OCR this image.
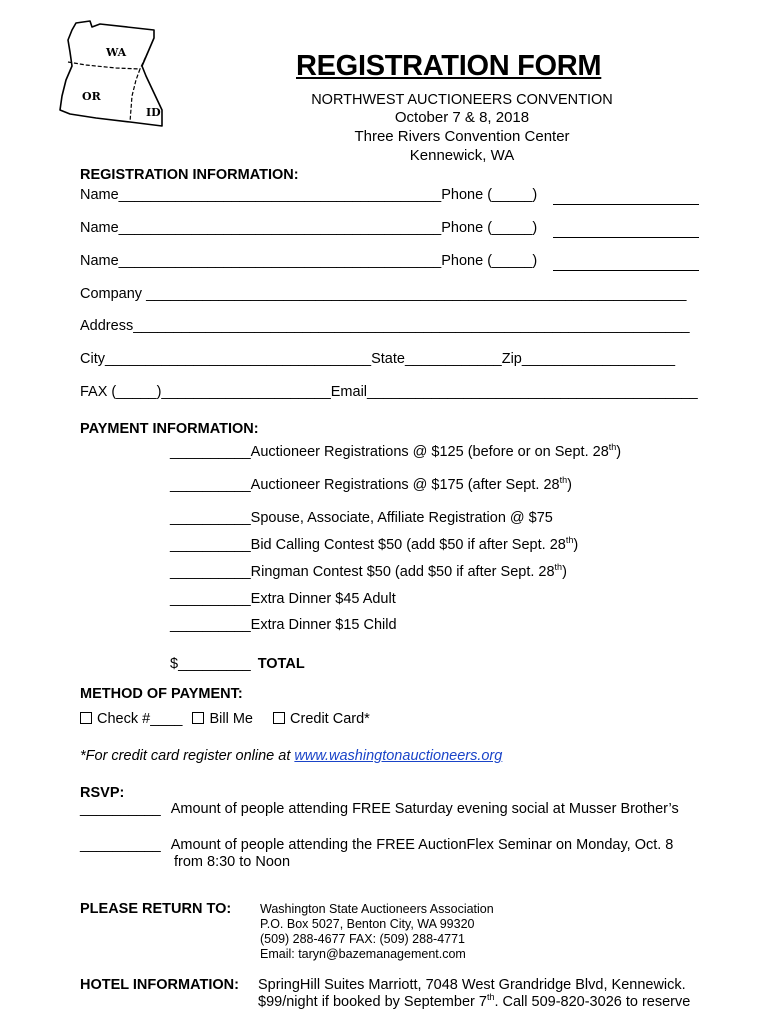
WA
OR
ID
REGISTRATION FORM
NORTHWEST AUCTIONEERS CONVENTION
October 7 & 8, 2018
Three Rivers Convention Center
Kennewick, WA
REGISTRATION INFORMATION:
Name________________________________________Phone (_____)
Name________________________________________Phone (_____)
Name________________________________________Phone (_____)
Company ___________________________________________________________________
Address_____________________________________________________________________
City_________________________________State____________Zip___________________
FAX (_____)_____________________Email_________________________________________
PAYMENT INFORMATION:
__________Auctioneer Registrations @ $125 (before or on Sept. 28th)
__________Auctioneer Registrations @ $175 (after Sept. 28th)
__________Spouse, Associate, Affiliate Registration @ $75
__________Bid Calling Contest $50 (add $50 if after Sept. 28th)
__________Ringman Contest $50 (add $50 if after Sept. 28th)
__________Extra Dinner $45 Adult
__________Extra Dinner $15 Child
$_________ TOTAL
METHOD OF PAYMENT:
Check #____ Bill Me	Credit Card*
*For credit card register online at www.washingtonauctioneers.org
RSVP:
__________ Amount of people attending FREE Saturday evening social at Musser Brother’s
__________ Amount of people attending the FREE AuctionFlex Seminar on Monday, Oct. 8
from 8:30 to Noon
PLEASE RETURN TO: Washington State Auctioneers Association
P.O. Box 5027, Benton City, WA 99320
(509) 288-4677 FAX: (509) 288-4771
Email: taryn@bazemanagement.com
HOTEL INFORMATION: SpringHill Suites Marriott, 7048 West Grandridge Blvd, Kennewick.
$99/night if booked by September 7th. Call 509-820-3026 to reserve
